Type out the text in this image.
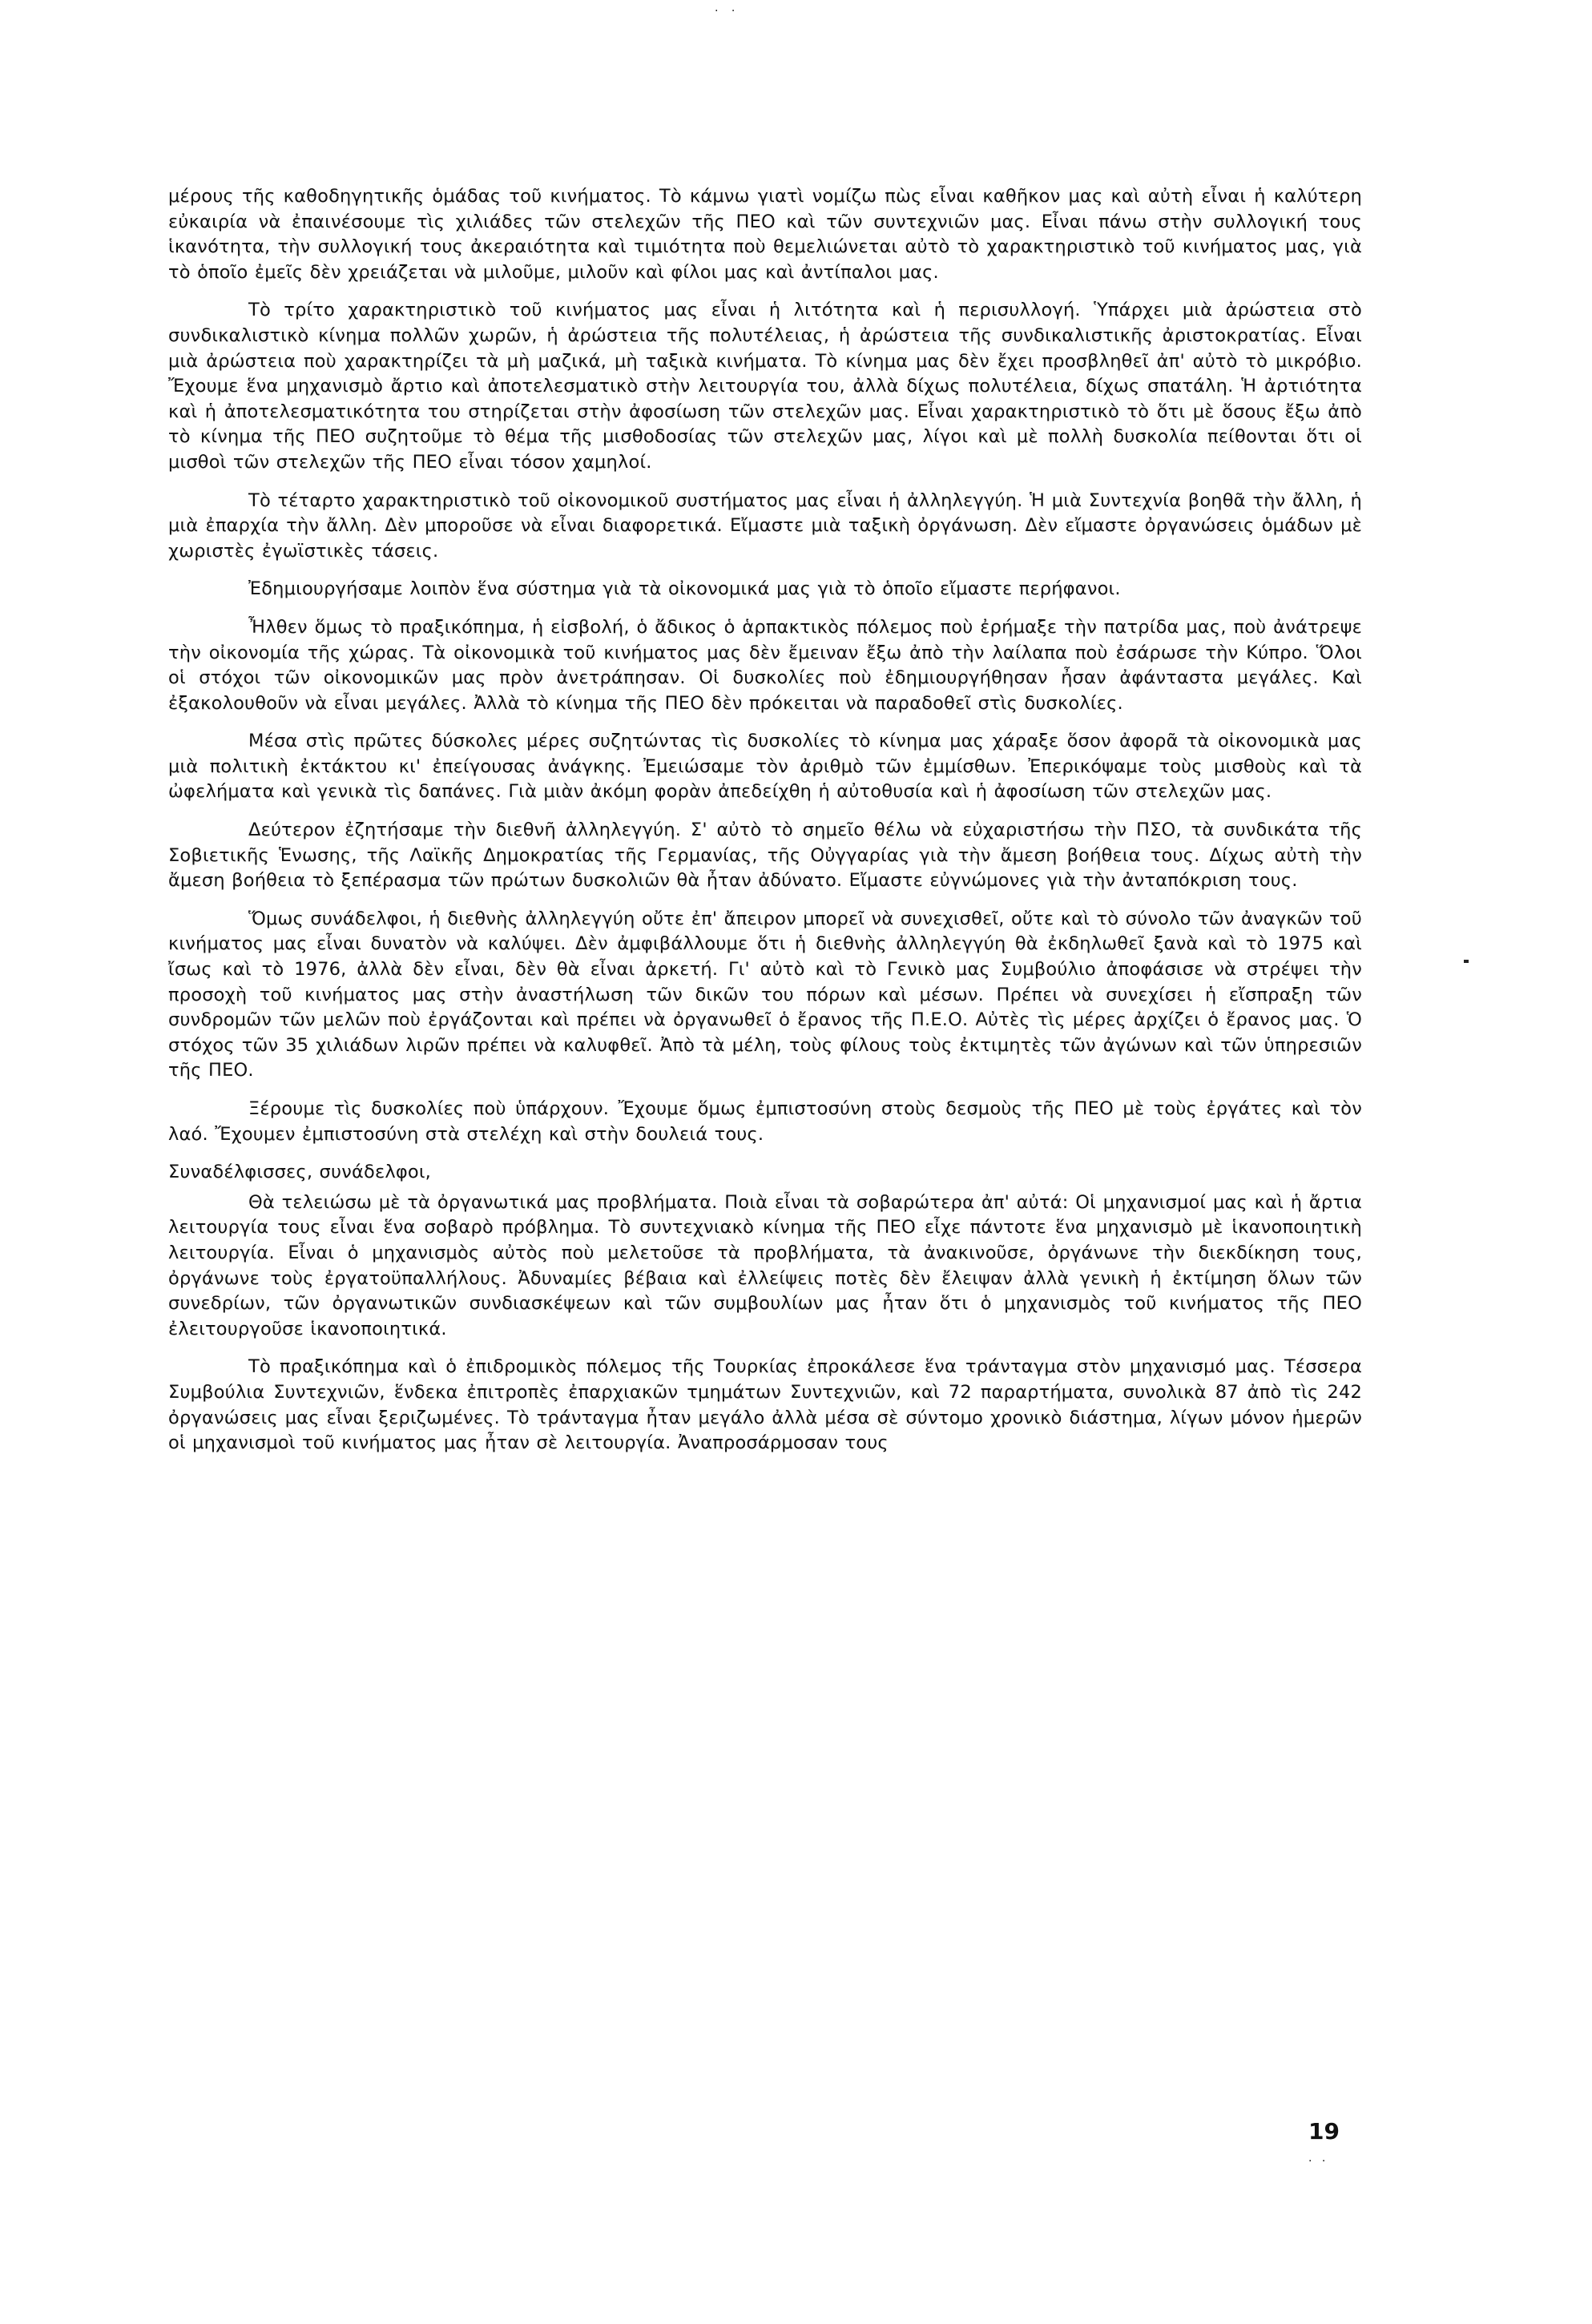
. .

μέρους τῆς καθοδηγητικῆς ὁμάδας τοῦ κινήματος. Τὸ κάμνω γιατὶ νομίζω πὼς εἶναι καθῆκον μας καὶ αὐτὴ εἶναι ἡ καλύτερη εὐκαιρία νὰ ἐπαινέσουμε τὶς χιλιάδες τῶν στελεχῶν τῆς ΠΕΟ καὶ τῶν συντεχνιῶν μας. Εἶναι πάνω στὴν συλλογική τους ἱκανότητα, τὴν συλλογική τους ἀκεραιότητα καὶ τιμιότητα ποὺ θεμελιώνεται αὐτὸ τὸ χαρακτηριστικὸ τοῦ κινήματος μας, γιὰ τὸ ὁποῖο ἐμεῖς δὲν χρειάζεται νὰ μιλοῦμε, μιλοῦν καὶ φίλοι μας καὶ ἀντίπαλοι μας.

Τὸ τρίτο χαρακτηριστικὸ τοῦ κινήματος μας εἶναι ἡ λιτότητα καὶ ἡ περισυλλογή. Ὑπάρχει μιὰ ἀρώστεια στὸ συνδικαλιστικὸ κίνημα πολλῶν χωρῶν, ἡ ἀρώστεια τῆς πολυτέλειας, ἡ ἀρώστεια τῆς συνδικαλιστικῆς ἀριστοκρατίας. Εἶναι μιὰ ἀρώστεια ποὺ χαρακτηρίζει τὰ μὴ μαζικά, μὴ ταξικὰ κινήματα. Τὸ κίνημα μας δὲν ἔχει προσβληθεῖ ἀπ' αὐτὸ τὸ μικρόβιο. Ἔχουμε ἕνα μηχανισμὸ ἄρτιο καὶ ἀποτελεσματικὸ στὴν λειτουργία του, ἀλλὰ δίχως πολυτέλεια, δίχως σπατάλη. Ἡ ἀρτιότητα καὶ ἡ ἀποτελεσματικότητα του στηρίζεται στὴν ἀφοσίωση τῶν στελεχῶν μας. Εἶναι χαρακτηριστικὸ τὸ ὅτι μὲ ὅσους ἔξω ἀπὸ τὸ κίνημα τῆς ΠΕΟ συζητοῦμε τὸ θέμα τῆς μισθοδοσίας τῶν στελεχῶν μας, λίγοι καὶ μὲ πολλὴ δυσκολία πείθονται ὅτι οἱ μισθοὶ τῶν στελεχῶν τῆς ΠΕΟ εἶναι τόσον χαμηλοί.

Τὸ τέταρτο χαρακτηριστικὸ τοῦ οἰκονομικοῦ συστήματος μας εἶναι ἡ ἀλληλεγγύη. Ἡ μιὰ Συντεχνία βοηθᾶ τὴν ἄλλη, ἡ μιὰ ἐπαρχία τὴν ἄλλη. Δὲν μποροῦσε νὰ εἶναι διαφορετικά. Εἴμαστε μιὰ ταξικὴ ὀργάνωση. Δὲν εἴμαστε ὀργανώσεις ὁμάδων μὲ χωριστὲς ἐγωϊστικὲς τάσεις.

Ἐδημιουργήσαμε λοιπὸν ἕνα σύστημα γιὰ τὰ οἰκονομικά μας γιὰ τὸ ὁποῖο εἴμαστε περήφανοι.

Ἦλθεν ὅμως τὸ πραξικόπημα, ἡ εἰσβολή, ὁ ἄδικος ὁ ἁρπακτικὸς πόλεμος ποὺ ἐρήμαξε τὴν πατρίδα μας, ποὺ ἀνάτρεψε τὴν οἰκονομία τῆς χώρας. Τὰ οἰκονομικὰ τοῦ κινήματος μας δὲν ἔμειναν ἔξω ἀπὸ τὴν λαίλαπα ποὺ ἐσάρωσε τὴν Κύπρο. Ὅλοι οἱ στόχοι τῶν οἰκονομικῶν μας πρὸν ἀνετράπησαν. Οἱ δυσκολίες ποὺ ἐδημιουργήθησαν ἦσαν ἀφάνταστα μεγάλες. Καὶ ἐξακολουθοῦν νὰ εἶναι μεγάλες. Ἀλλὰ τὸ κίνημα τῆς ΠΕΟ δὲν πρόκειται νὰ παραδοθεῖ στὶς δυσκολίες.

Μέσα στὶς πρῶτες δύσκολες μέρες συζητώντας τὶς δυσκολίες τὸ κίνημα μας χάραξε ὅσον ἀφορᾶ τὰ οἰκονομικὰ μας μιὰ πολιτικὴ ἐκτάκτου κι' ἐπείγουσας ἀνάγκης. Ἐμειώσαμε τὸν ἀριθμὸ τῶν ἐμμίσθων. Ἐπερικόψαμε τοὺς μισθοὺς καὶ τὰ ὠφελήματα καὶ γενικὰ τὶς δαπάνες. Γιὰ μιὰν ἀκόμη φορὰν ἀπεδείχθη ἡ αὐτοθυσία καὶ ἡ ἀφοσίωση τῶν στελεχῶν μας.

Δεύτερον ἐζητήσαμε τὴν διεθνῆ ἀλληλεγγύη. Σ' αὐτὸ τὸ σημεῖο θέλω νὰ εὐχαριστήσω τὴν ΠΣΟ, τὰ συνδικάτα τῆς Σοβιετικῆς Ἑνωσης, τῆς Λαϊκῆς Δημοκρατίας τῆς Γερμανίας, τῆς Οὐγγαρίας γιὰ τὴν ἄμεση βοήθεια τους. Δίχως αὐτὴ τὴν ἄμεση βοήθεια τὸ ξεπέρασμα τῶν πρώτων δυσκολιῶν θὰ ἦταν ἀδύνατο. Εἴμαστε εὐγνώμονες γιὰ τὴν ἀνταπόκριση τους.

Ὅμως συνάδελφοι, ἡ διεθνὴς ἀλληλεγγύη οὔτε ἐπ' ἄπειρον μπορεῖ νὰ συνεχισθεῖ, οὔτε καὶ τὸ σύνολο τῶν ἀναγκῶν τοῦ κινήματος μας εἶναι δυνατὸν νὰ καλύψει. Δὲν ἀμφιβάλλουμε ὅτι ἡ διεθνὴς ἀλληλεγγύη θὰ ἐκδηλωθεῖ ξανὰ καὶ τὸ 1975 καὶ ἴσως καὶ τὸ 1976, ἀλλὰ δὲν εἶναι, δὲν θὰ εἶναι ἀρκετή. Γι' αὐτὸ καὶ τὸ Γενικὸ μας Συμβούλιο ἀποφάσισε νὰ στρέψει τὴν προσοχὴ τοῦ κινήματος μας στὴν ἀναστήλωση τῶν δικῶν του πόρων καὶ μέσων. Πρέπει νὰ συνεχίσει ἡ εἴσπραξη τῶν συνδρομῶν τῶν μελῶν ποὺ ἐργάζονται καὶ πρέπει νὰ ὀργανωθεῖ ὁ ἔρανος τῆς Π.Ε.Ο. Αὐτὲς τὶς μέρες ἀρχίζει ὁ ἔρανος μας. Ὁ στόχος τῶν 35 χιλιάδων λιρῶν πρέπει νὰ καλυφθεῖ. Ἀπὸ τὰ μέλη, τοὺς φίλους τοὺς ἐκτιμητὲς τῶν ἀγώνων καὶ τῶν ὑπηρεσιῶν τῆς ΠΕΟ.

Ξέρουμε τὶς δυσκολίες ποὺ ὑπάρχουν. Ἔχουμε ὅμως ἐμπιστοσύνη στοὺς δεσμοὺς τῆς ΠΕΟ μὲ τοὺς ἐργάτες καὶ τὸν λαό. Ἔχουμεν ἐμπιστοσύνη στὰ στελέχη καὶ στὴν δουλειά τους.

Συναδέλφισσες, συνάδελφοι,

Θὰ τελειώσω μὲ τὰ ὀργανωτικά μας προβλήματα. Ποιὰ εἶναι τὰ σοβαρώτερα ἀπ' αὐτά: Οἱ μηχανισμοί μας καὶ ἡ ἄρτια λειτουργία τους εἶναι ἕνα σοβαρὸ πρόβλημα. Τὸ συντεχνιακὸ κίνημα τῆς ΠΕΟ εἶχε πάντοτε ἕνα μηχανισμὸ μὲ ἱκανοποιητικὴ λειτουργία. Εἶναι ὁ μηχανισμὸς αὐτὸς ποὺ μελετοῦσε τὰ προβλήματα, τὰ ἀνακινοῦσε, ὀργάνωνε τὴν διεκδίκηση τους, ὀργάνωνε τοὺς ἐργατοϋπαλλήλους. Ἀδυναμίες βέβαια καὶ ἐλλείψεις ποτὲς δὲν ἔλειψαν ἀλλὰ γενικὴ ἡ ἐκτίμηση ὅλων τῶν συνεδρίων, τῶν ὀργανωτικῶν συνδιασκέψεων καὶ τῶν συμβουλίων μας ἦταν ὅτι ὁ μηχανισμὸς τοῦ κινήματος τῆς ΠΕΟ ἐλειτουργοῦσε ἱκανοποιητικά.

Τὸ πραξικόπημα καὶ ὁ ἐπιδρομικὸς πόλεμος τῆς Τουρκίας ἐπροκάλεσε ἕνα τράνταγμα στὸν μηχανισμό μας. Τέσσερα Συμβούλια Συντεχνιῶν, ἕνδεκα ἐπιτροπὲς ἐπαρχιακῶν τμημάτων Συντεχνιῶν, καὶ 72 παραρτήματα, συνολικὰ 87 ἀπὸ τὶς 242 ὀργανώσεις μας εἶναι ξεριζωμένες. Τὸ τράνταγμα ἦταν μεγάλο ἀλλὰ μέσα σὲ σύντομο χρονικὸ διάστημα, λίγων μόνον ἡμερῶν οἱ μηχανισμοὶ τοῦ κινήματος μας ἦταν σὲ λειτουργία. Ἀναπροσάρμοσαν τους

19
· ·
